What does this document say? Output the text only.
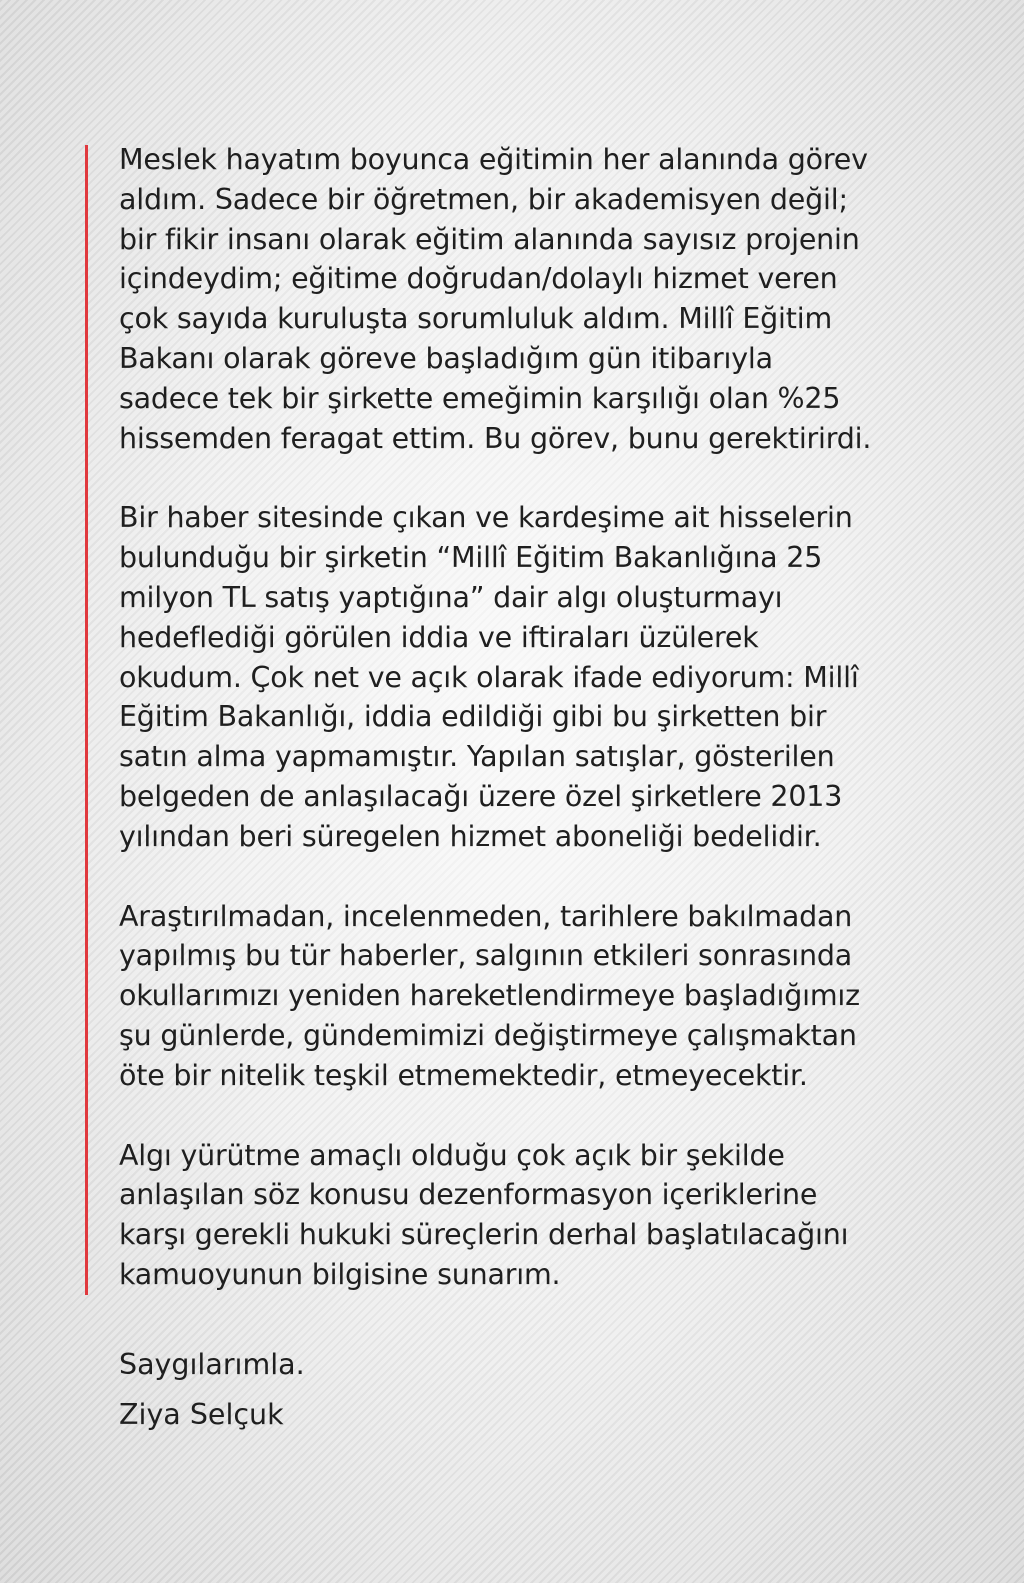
Meslek hayatım boyunca eğitimin her alanında görev
aldım. Sadece bir öğretmen, bir akademisyen değil;
bir fikir insanı olarak eğitim alanında sayısız projenin
içindeydim; eğitime doğrudan/dolaylı hizmet veren
çok sayıda kuruluşta sorumluluk aldım. Millî Eğitim
Bakanı olarak göreve başladığım gün itibarıyla
sadece tek bir şirkette emeğimin karşılığı olan %25
hissemden feragat ettim. Bu görev, bunu gerektirirdi.

Bir haber sitesinde çıkan ve kardeşime ait hisselerin
bulunduğu bir şirketin “Millî Eğitim Bakanlığına 25
milyon TL satış yaptığına” dair algı oluşturmayı
hedeflediği görülen iddia ve iftiraları üzülerek
okudum. Çok net ve açık olarak ifade ediyorum: Millî
Eğitim Bakanlığı, iddia edildiği gibi bu şirketten bir
satın alma yapmamıştır. Yapılan satışlar, gösterilen
belgeden de anlaşılacağı üzere özel şirketlere 2013
yılından beri süregelen hizmet aboneliği bedelidir.

Araştırılmadan, incelenmeden, tarihlere bakılmadan
yapılmış bu tür haberler, salgının etkileri sonrasında
okullarımızı yeniden hareketlendirmeye başladığımız
şu günlerde, gündemimizi değiştirmeye çalışmaktan
öte bir nitelik teşkil etmemektedir, etmeyecektir.

Algı yürütme amaçlı olduğu çok açık bir şekilde
anlaşılan söz konusu dezenformasyon içeriklerine
karşı gerekli hukuki süreçlerin derhal başlatılacağını
kamuoyunun bilgisine sunarım.

Saygılarımla.

Ziya Selçuk
